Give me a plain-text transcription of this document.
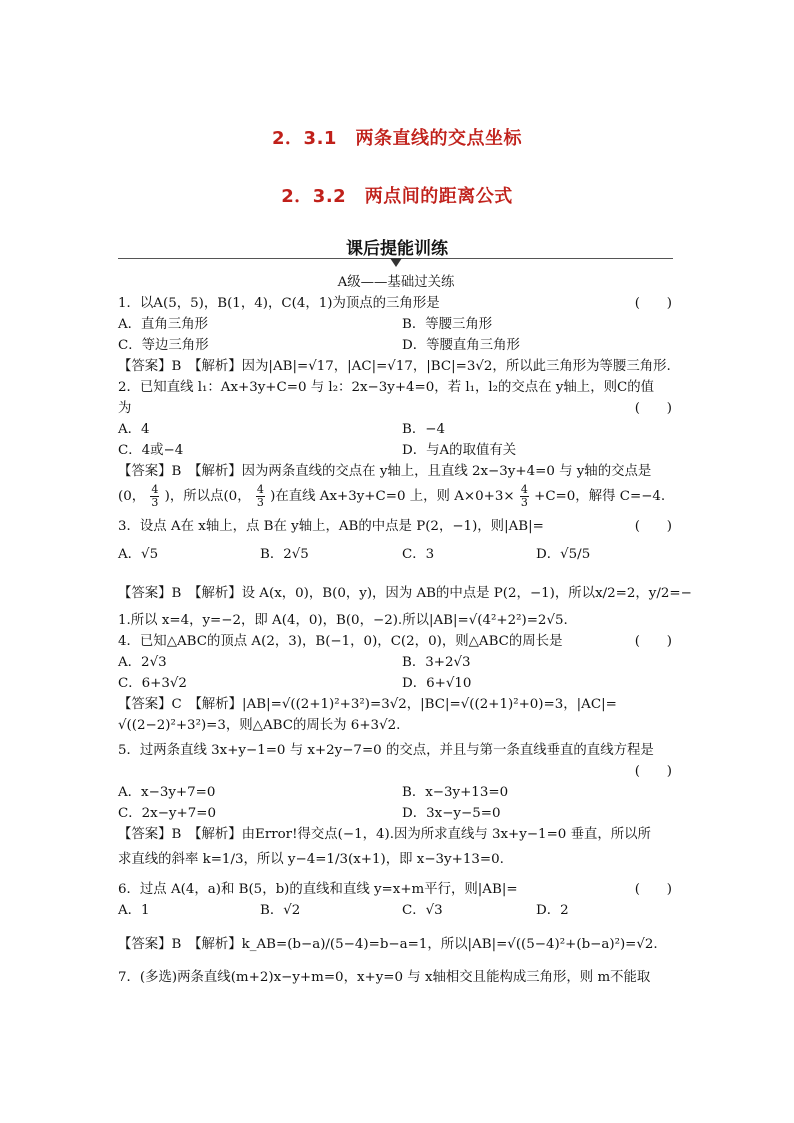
2．3.1　两条直线的交点坐标
2．3.2　两点间的距离公式
课后提能训练
A级——基础过关练
1．以A(5，5)，B(1，4)，C(4，1)为顶点的三角形是	(　　)
A．直角三角形	B．等腰三角形
C．等边三角形	D．等腰直角三角形
【答案】B　【解析】因为|AB|=√17，|AC|=√17，|BC|=3√2，所以此三角形为等腰三角形.
2．已知直线 l₁：Ax+3y+C=0 与 l₂：2x−3y+4=0，若 l₁，l₂的交点在 y轴上，则C的值
为	(　　)
A．4	B．−4
C．4或−4	D．与A的取值有关
【答案】B　【解析】因为两条直线的交点在 y轴上，且直线 2x−3y+4=0 与 y轴的交点是
(0， $\frac{4}{3}$ )，所以点(0， $\frac{4}{3}$ )在直线 Ax+3y+C=0 上，则 $A\times 0+3\times \frac{4}{3} +C=0$，解得 C=−4.
3．设点 A在 x轴上，点 B在 y轴上，AB的中点是 P(2，−1)，则|AB|=	(　　)
A．√5	B．2√5	C．3	D．√5/5
【答案】B　【解析】设 A(x，0)，B(0，y)，因为 AB的中点是 P(2，−1)，所以x/2=2，y/2=−
1.所以 x=4，y=−2，即 A(4，0)，B(0，−2).所以|AB|=√(4²+2²)=2√5.
4．已知△ABC的顶点 A(2，3)，B(−1，0)，C(2，0)，则△ABC的周长是	(　　)
A．2√3	B．3+2√3
C．6+3√2	D．6+√10
【答案】C　【解析】|AB|=√((2+1)²+3²)=3√2，|BC|=√((2+1)²+0)=3，|AC|=
√((2−2)²+3²)=3，则△ABC的周长为 6+3√2.
5．过两条直线 3x+y−1=0 与 x+2y−7=0 的交点，并且与第一条直线垂直的直线方程是

(　　)
A．x−3y+7=0	B．x−3y+13=0
C．2x−y+7=0	D．3x−y−5=0
【答案】B　【解析】由Error!得交点(−1，4).因为所求直线与 3x+y−1=0 垂直，所以所
求直线的斜率 k=1/3，所以 y−4=1/3(x+1)，即 x−3y+13=0.
6．过点 A(4，a)和 B(5，b)的直线和直线 y=x+m平行，则|AB|=	(　　)
A．1	B．√2	C．√3	D．2
【答案】B　【解析】k_AB=(b−a)/(5−4)=b−a=1，所以|AB|=√((5−4)²+(b−a)²)=√2.
7．(多选)两条直线(m+2)x−y+m=0，x+y=0 与 x轴相交且能构成三角形，则 m不能取
